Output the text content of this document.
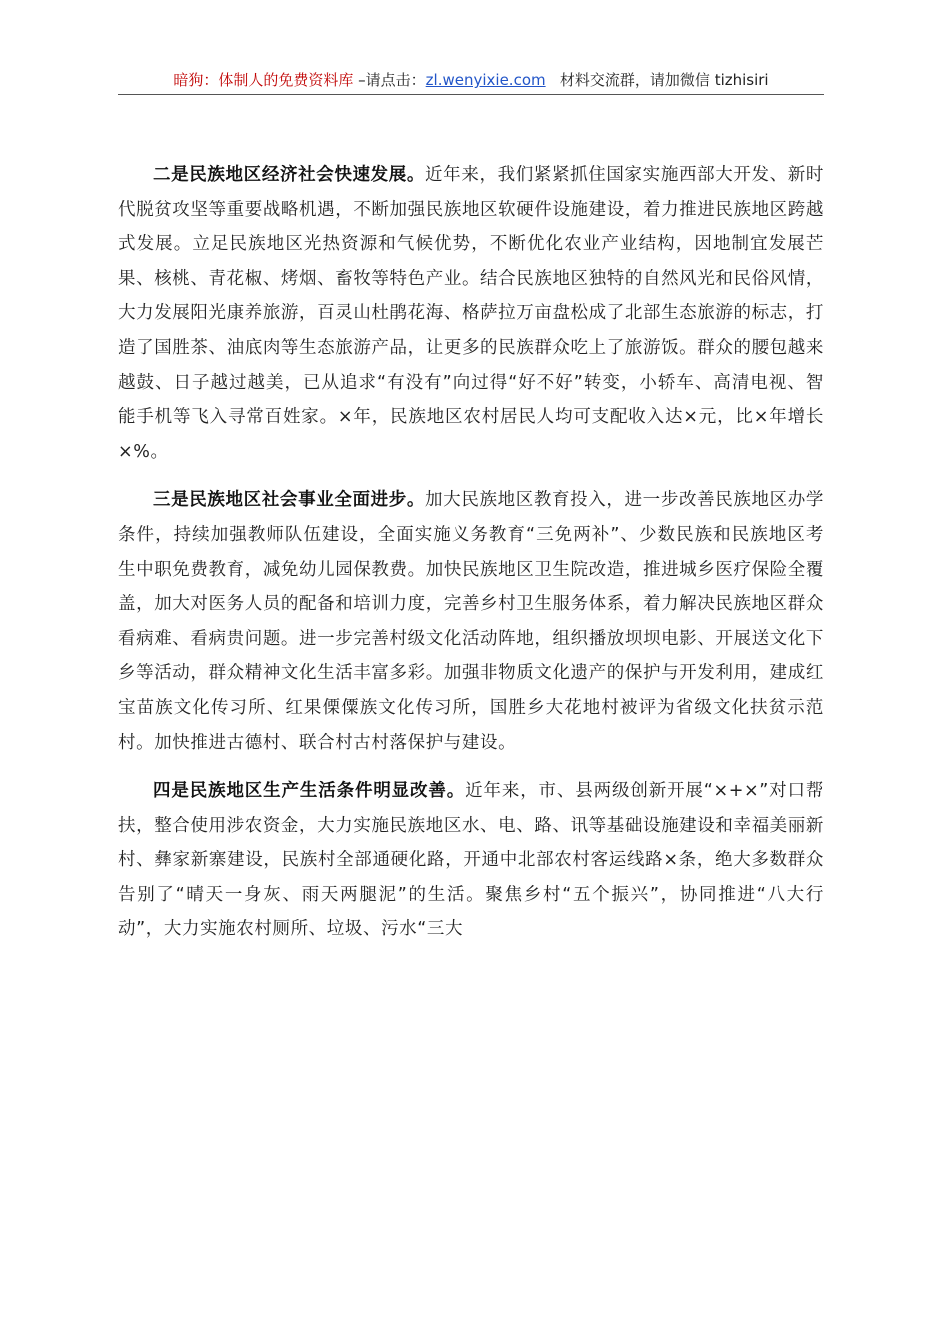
暗狗：体制人的免费资料库 –请点击：zl.wenyixie.com 材料交流群，请加微信 tizhisiri

二是民族地区经济社会快速发展。近年来，我们紧紧抓住国家实施西部大开发、新时代脱贫攻坚等重要战略机遇，不断加强民族地区软硬件设施建设，着力推进民族地区跨越式发展。立足民族地区光热资源和气候优势，不断优化农业产业结构，因地制宜发展芒果、核桃、青花椒、烤烟、畜牧等特色产业。结合民族地区独特的自然风光和民俗风情，大力发展阳光康养旅游，百灵山杜鹃花海、格萨拉万亩盘松成了北部生态旅游的标志，打造了国胜茶、油底肉等生态旅游产品，让更多的民族群众吃上了旅游饭。群众的腰包越来越鼓、日子越过越美，已从追求“有没有”向过得“好不好”转变，小轿车、高清电视、智能手机等飞入寻常百姓家。×年，民族地区农村居民人均可支配收入达×元，比×年增长×%。

三是民族地区社会事业全面进步。加大民族地区教育投入，进一步改善民族地区办学条件，持续加强教师队伍建设，全面实施义务教育“三免两补”、少数民族和民族地区考生中职免费教育，减免幼儿园保教费。加快民族地区卫生院改造，推进城乡医疗保险全覆盖，加大对医务人员的配备和培训力度，完善乡村卫生服务体系，着力解决民族地区群众看病难、看病贵问题。进一步完善村级文化活动阵地，组织播放坝坝电影、开展送文化下乡等活动，群众精神文化生活丰富多彩。加强非物质文化遗产的保护与开发利用，建成红宝苗族文化传习所、红果傈僳族文化传习所，国胜乡大花地村被评为省级文化扶贫示范村。加快推进古德村、联合村古村落保护与建设。

四是民族地区生产生活条件明显改善。近年来，市、县两级创新开展“×+×”对口帮扶，整合使用涉农资金，大力实施民族地区水、电、路、讯等基础设施建设和幸福美丽新村、彝家新寨建设，民族村全部通硬化路，开通中北部农村客运线路×条，绝大多数群众告别了“晴天一身灰、雨天两腿泥”的生活。聚焦乡村“五个振兴”，协同推进“八大行动”，大力实施农村厕所、垃圾、污水“三大
